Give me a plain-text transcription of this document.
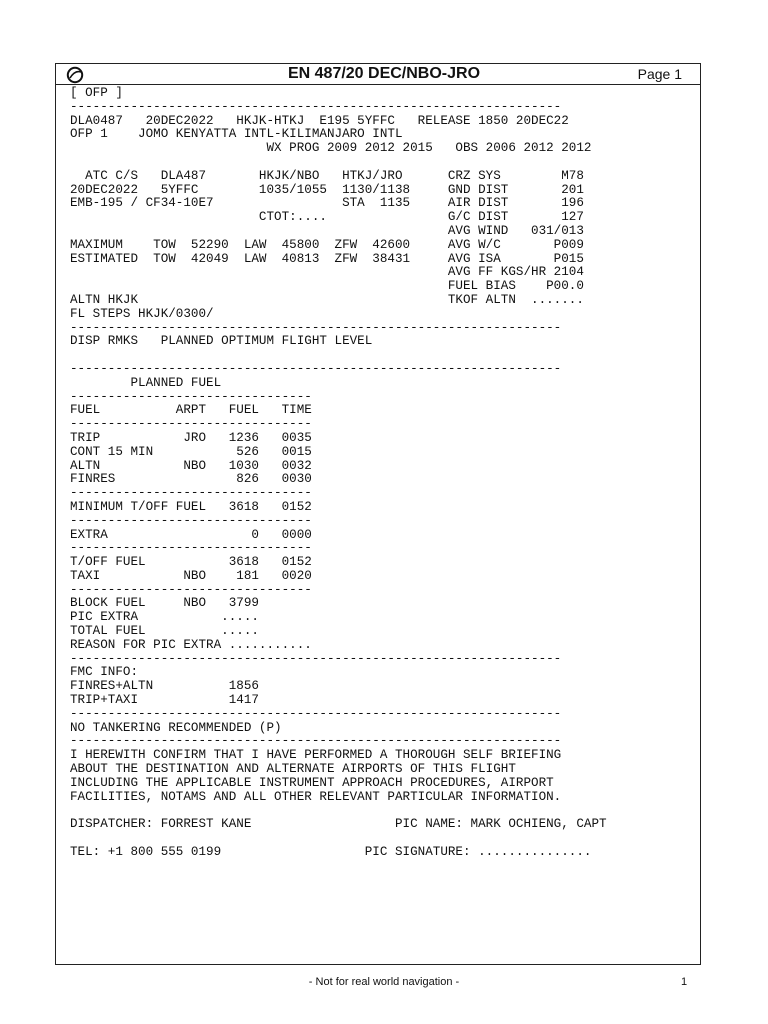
EN 487/20 DEC/NBO-JRO	Page 1
[ OFP ]
-----------------------------------------------------------------
DLA0487   20DEC2022   HKJK-HTKJ  E195 5YFFC   RELEASE 1850 20DEC22
OFP 1    JOMO KENYATTA INTL-KILIMANJARO INTL
WX PROG 2009 2012 2015   OBS 2006 2012 2012
ATC C/S   DLA487       HKJK/NBO   HTKJ/JRO      CRZ SYS        M78
20DEC2022   5YFFC        1035/1055  1130/1138     GND DIST       201
EMB-195 / CF34-10E7                 STA  1135     AIR DIST       196
CTOT:....                G/C DIST       127
AVG WIND   031/013
MAXIMUM    TOW  52290  LAW  45800  ZFW  42600     AVG W/C       P009
ESTIMATED  TOW  42049  LAW  40813  ZFW  38431     AVG ISA       P015
AVG FF KGS/HR 2104
FUEL BIAS    P00.0
ALTN HKJK                                         TKOF ALTN  .......
FL STEPS HKJK/0300/
-----------------------------------------------------------------
DISP RMKS   PLANNED OPTIMUM FLIGHT LEVEL
-----------------------------------------------------------------
PLANNED FUEL
--------------------------------
FUEL          ARPT   FUEL   TIME
--------------------------------
TRIP           JRO   1236   0035
CONT 15 MIN           526   0015
ALTN           NBO   1030   0032
FINRES                826   0030
--------------------------------
MINIMUM T/OFF FUEL   3618   0152
--------------------------------
EXTRA                   0   0000
--------------------------------
T/OFF FUEL           3618   0152
TAXI           NBO    181   0020
--------------------------------
BLOCK FUEL     NBO   3799
PIC EXTRA           .....
TOTAL FUEL          .....
REASON FOR PIC EXTRA ...........
-----------------------------------------------------------------
FMC INFO:
FINRES+ALTN          1856
TRIP+TAXI            1417
-----------------------------------------------------------------
NO TANKERING RECOMMENDED (P)
-----------------------------------------------------------------
I HEREWITH CONFIRM THAT I HAVE PERFORMED A THOROUGH SELF BRIEFING
ABOUT THE DESTINATION AND ALTERNATE AIRPORTS OF THIS FLIGHT
INCLUDING THE APPLICABLE INSTRUMENT APPROACH PROCEDURES, AIRPORT
FACILITIES, NOTAMS AND ALL OTHER RELEVANT PARTICULAR INFORMATION.
DISPATCHER: FORREST KANE                   PIC NAME: MARK OCHIENG, CAPT
TEL: +1 800 555 0199                   PIC SIGNATURE: ...............
- Not for real world navigation -	1
